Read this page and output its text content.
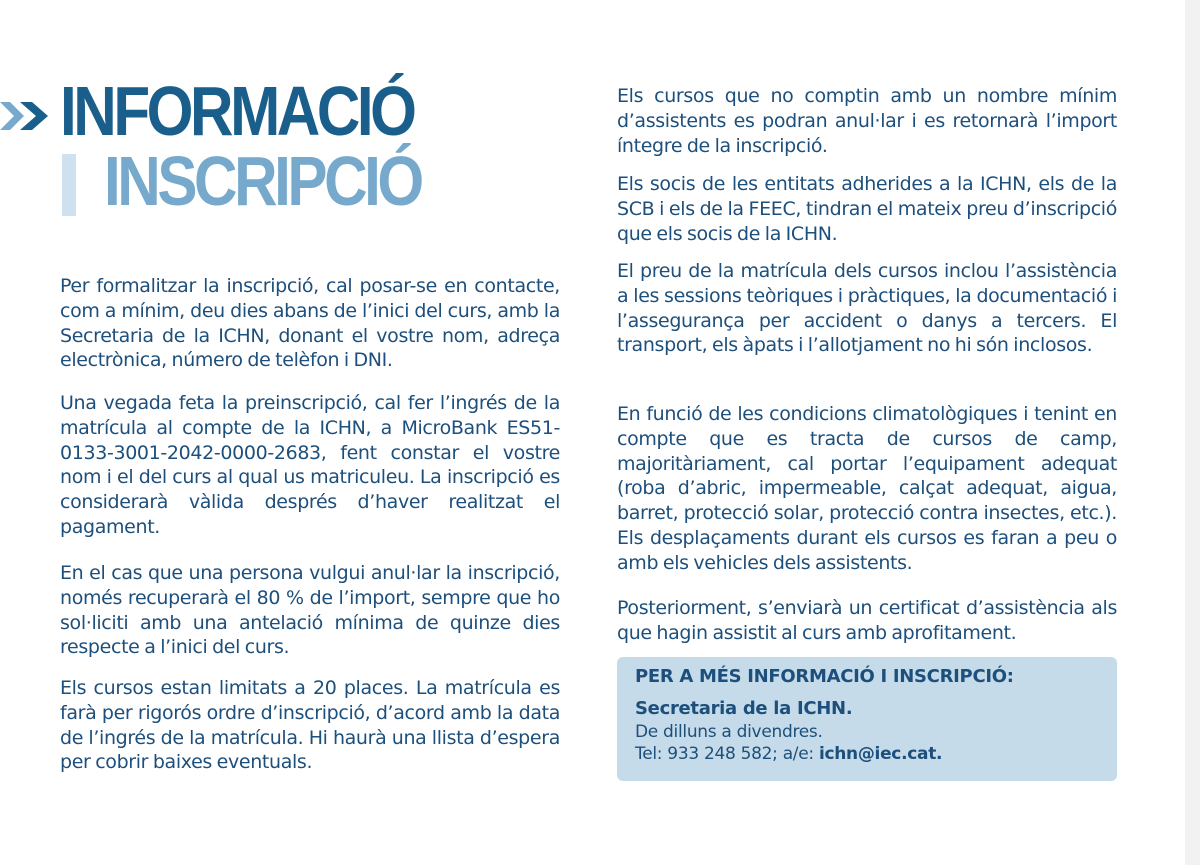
INFORMACIÓ
INSCRIPCIÓ

Per formalitzar la inscripció, cal posar-se en contacte, com a mínim, deu dies abans de l’inici del curs, amb la Secretaria de la ICHN, donant el vostre nom, adreça electrònica, número de telèfon i DNI.

Una vegada feta la preinscripció, cal fer l’ingrés de la matrícula al compte de la ICHN, a MicroBank ES51-0133-3001-2042-0000-2683, fent constar el vostre nom i el del curs al qual us matriculeu. La inscripció es considerarà vàlida després d’haver realitzat el pagament.

En el cas que una persona vulgui anul·lar la inscripció, només recuperarà el 80 % de l’import, sempre que ho sol·liciti amb una antelació mínima de quinze dies respecte a l’inici del curs.

Els cursos estan limitats a 20 places. La matrícula es farà per rigorós ordre d’inscripció, d’acord amb la data de l’ingrés de la matrícula. Hi haurà una llista d’espera per cobrir baixes eventuals.

Els cursos que no comptin amb un nombre mínim d’assistents es podran anul·lar i es retornarà l’import íntegre de la inscripció.

Els socis de les entitats adherides a la ICHN, els de la SCB i els de la FEEC, tindran el mateix preu d’inscripció que els socis de la ICHN.

El preu de la matrícula dels cursos inclou l’assistència a les sessions teòriques i pràctiques, la documentació i l’assegurança per accident o danys a tercers. El transport, els àpats i l’allotjament no hi són inclosos.

En funció de les condicions climatològiques i tenint en compte que es tracta de cursos de camp, majoritàriament, cal portar l’equipament adequat (roba d’abric, impermeable, calçat adequat, aigua, barret, protecció solar, protecció contra insectes, etc.). Els desplaçaments durant els cursos es faran a peu o amb els vehicles dels assistents.

Posteriorment, s’enviarà un certificat d’assistència als que hagin assistit al curs amb aprofitament.

PER A MÉS INFORMACIÓ I INSCRIPCIÓ:

Secretaria de la ICHN.

De dilluns a divendres.

Tel: 933 248 582; a/e: ichn@iec.cat.
